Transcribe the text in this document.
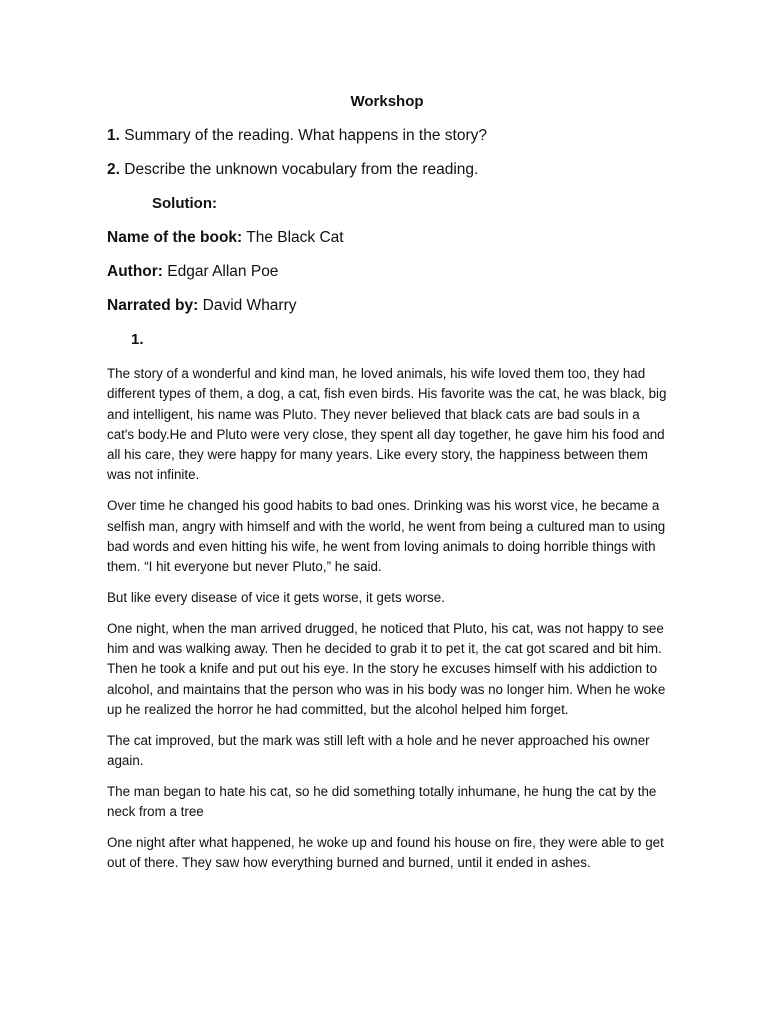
Workshop
1. Summary of the reading. What happens in the story?
2. Describe the unknown vocabulary from the reading.
Solution:
Name of the book: The Black Cat
Author: Edgar Allan Poe
Narrated by: David Wharry
1.

The story of a wonderful and kind man, he loved animals, his wife loved them too, they had different types of them, a dog, a cat, fish even birds. His favorite was the cat, he was black, big and intelligent, his name was Pluto. They never believed that black cats are bad souls in a cat's body.He and Pluto were very close, they spent all day together, he gave him his food and all his care, they were happy for many years. Like every story, the happiness between them was not infinite.

Over time he changed his good habits to bad ones. Drinking was his worst vice, he became a selfish man, angry with himself and with the world, he went from being a cultured man to using bad words and even hitting his wife, he went from loving animals to doing horrible things with them. “I hit everyone but never Pluto,” he said.

But like every disease of vice it gets worse, it gets worse.

One night, when the man arrived drugged, he noticed that Pluto, his cat, was not happy to see him and was walking away. Then he decided to grab it to pet it, the cat got scared and bit him. Then he took a knife and put out his eye. In the story he excuses himself with his addiction to alcohol, and maintains that the person who was in his body was no longer him. When he woke up he realized the horror he had committed, but the alcohol helped him forget.

The cat improved, but the mark was still left with a hole and he never approached his owner again.

The man began to hate his cat, so he did something totally inhumane, he hung the cat by the neck from a tree

One night after what happened, he woke up and found his house on fire, they were able to get out of there. They saw how everything burned and burned, until it ended in ashes.
